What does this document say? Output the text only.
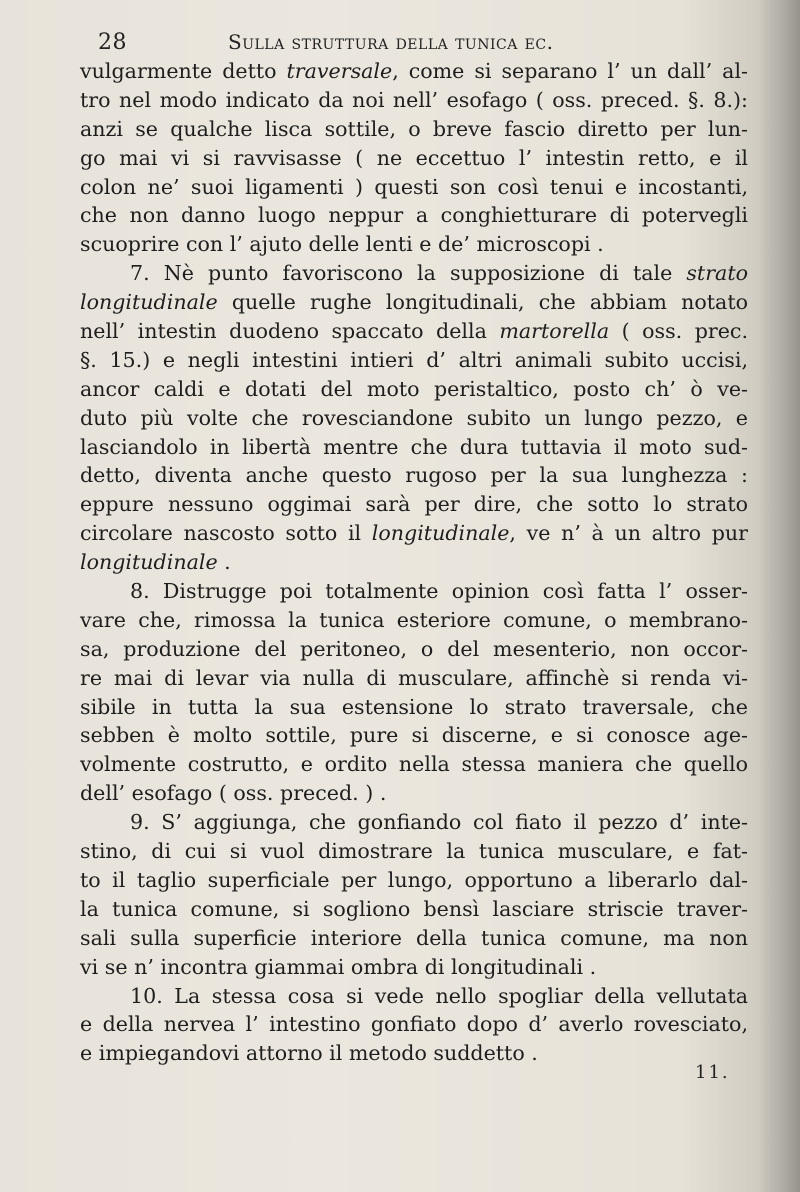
28	Sulla struttura della tunica ec.
vulgarmente detto traversale, come si separano l’ un dall’ al-
tro nel modo indicato da noi nell’ esofago ( oss. preced. §. 8.):
anzi se qualche lisca sottile, o breve fascio diretto per lun-
go mai vi si ravvisasse ( ne eccettuo l’ intestin retto, e il
colon ne’ suoi ligamenti ) questi son così tenui e incostanti,
che non danno luogo neppur a conghietturare di potervegli
scuoprire con l’ ajuto delle lenti e de’ microscopi .
7. Nè punto favoriscono la supposizione di tale strato
longitudinale quelle rughe longitudinali, che abbiam notato
nell’ intestin duodeno spaccato della martorella ( oss. prec.
§. 15.) e negli intestini intieri d’ altri animali subito uccisi,
ancor caldi e dotati del moto peristaltico, posto ch’ ò ve-
duto più volte che rovesciandone subito un lungo pezzo, e
lasciandolo in libertà mentre che dura tuttavia il moto sud-
detto, diventa anche questo rugoso per la sua lunghezza :
eppure nessuno oggimai sarà per dire, che sotto lo strato
circolare nascosto sotto il longitudinale, ve n’ à un altro pur
longitudinale .
8. Distrugge poi totalmente opinion così fatta l’ osser-
vare che, rimossa la tunica esteriore comune, o membrano-
sa, produzione del peritoneo, o del mesenterio, non occor-
re mai di levar via nulla di musculare, affinchè si renda vi-
sibile in tutta la sua estensione lo strato traversale, che
sebben è molto sottile, pure si discerne, e si conosce age-
volmente costrutto, e ordito nella stessa maniera che quello
dell’ esofago ( oss. preced. ) .
9. S’ aggiunga, che gonfiando col fiato il pezzo d’ inte-
stino, di cui si vuol dimostrare la tunica musculare, e fat-
to il taglio superficiale per lungo, opportuno a liberarlo dal-
la tunica comune, si sogliono bensì lasciare striscie traver-
sali sulla superficie interiore della tunica comune, ma non
vi se n’ incontra giammai ombra di longitudinali .
10. La stessa cosa si vede nello spogliar della vellutata
e della nervea l’ intestino gonfiato dopo d’ averlo rovesciato,
e impiegandovi attorno il metodo suddetto .
11.
